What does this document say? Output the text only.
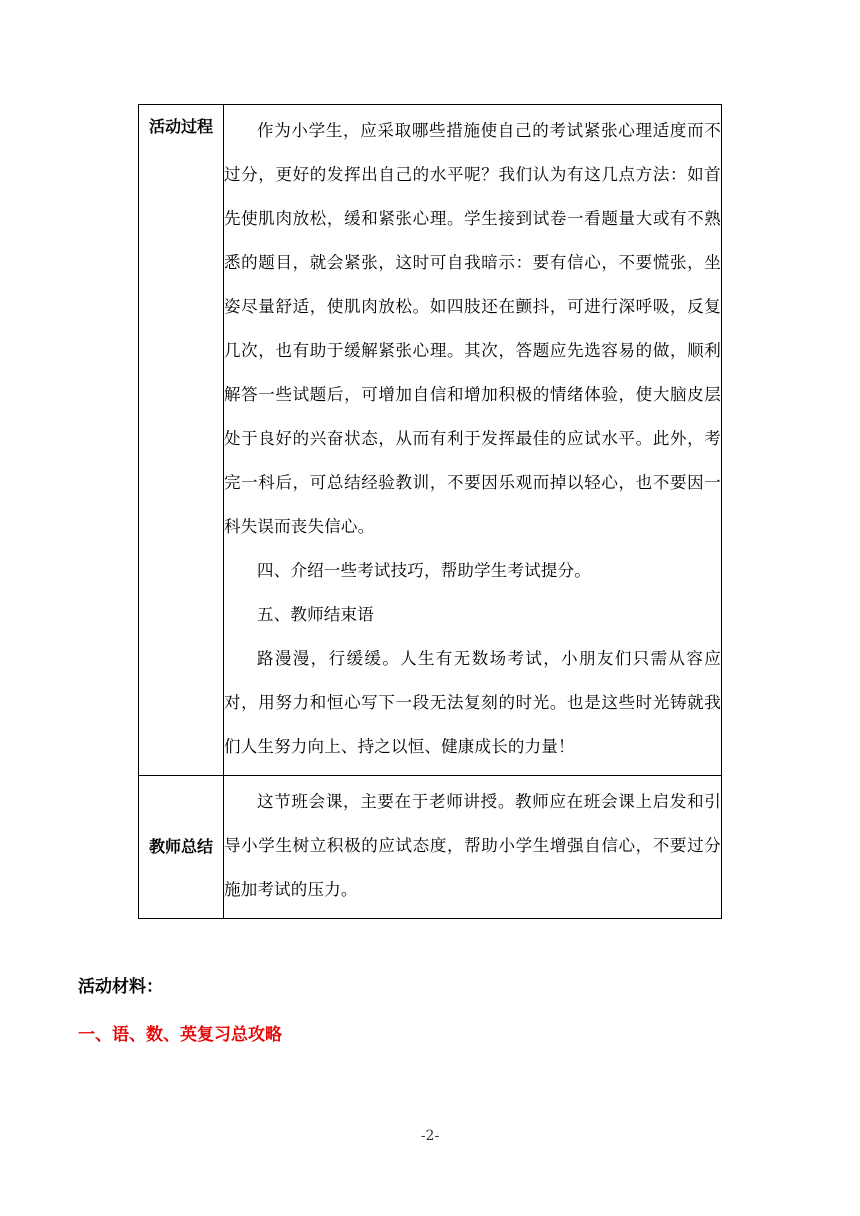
活动过程	作为小学生，应采取哪些措施使自己的考试紧张心理适度而不过分，更好的发挥出自己的水平呢？我们认为有这几点方法：如首先使肌肉放松，缓和紧张心理。学生接到试卷一看题量大或有不熟悉的题目，就会紧张，这时可自我暗示：要有信心，不要慌张，坐姿尽量舒适，使肌肉放松。如四肢还在颤抖，可进行深呼吸，反复几次，也有助于缓解紧张心理。其次，答题应先选容易的做，顺利解答一些试题后，可增加自信和增加积极的情绪体验，使大脑皮层处于良好的兴奋状态，从而有利于发挥最佳的应试水平。此外，考完一科后，可总结经验教训，不要因乐观而掉以轻心，也不要因一科失误而丧失信心。

四、介绍一些考试技巧，帮助学生考试提分。

五、教师结束语

路漫漫，行缓缓。人生有无数场考试，小朋友们只需从容应对，用努力和恒心写下一段无法复刻的时光。也是这些时光铸就我们人生努力向上、持之以恒、健康成长的力量！

教师总结	这节班会课，主要在于老师讲授。教师应在班会课上启发和引导小学生树立积极的应试态度，帮助小学生增强自信心，不要过分施加考试的压力。

活动材料：
一、语、数、英复习总攻略
-2-
